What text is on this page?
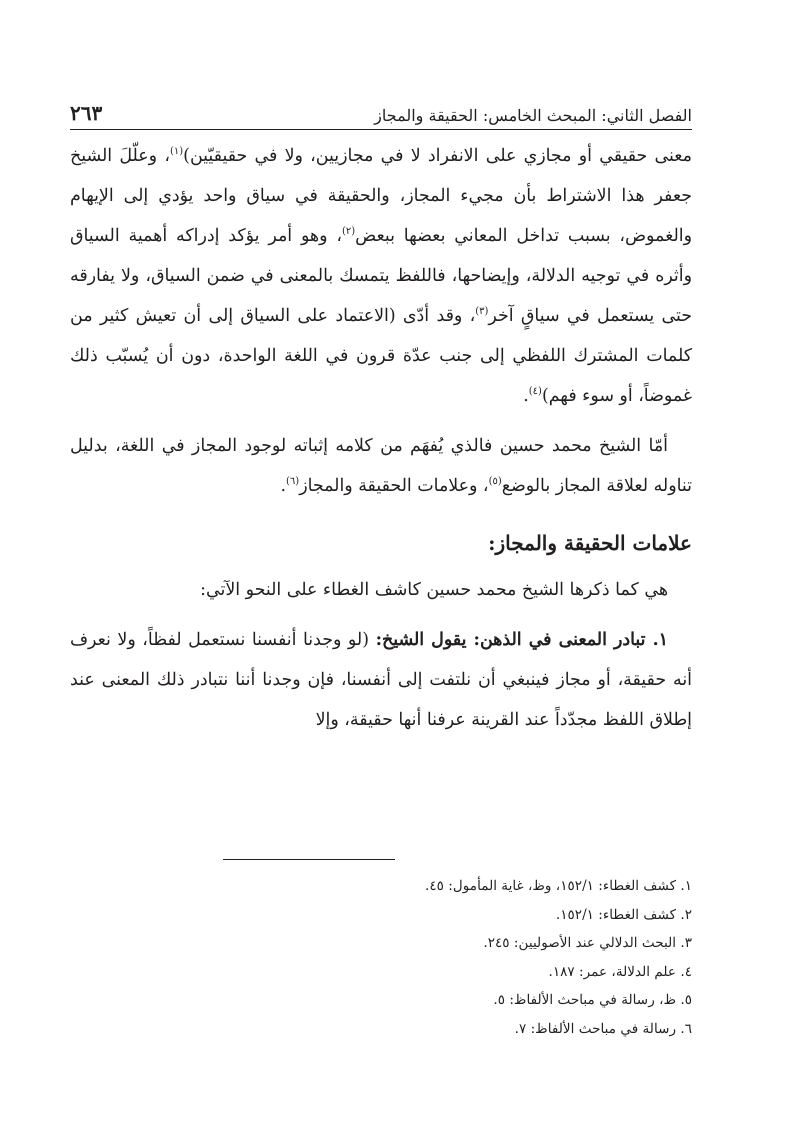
الفصل الثاني: المبحث الخامس: الحقيقة والمجاز
٢٦٣

معنى حقيقي أو مجازي على الانفراد لا في مجازيين، ولا في حقيقيّين)$^{(١)}$، وعلّلَ الشيخ جعفر هذا الاشتراط بأن مجيء المجاز، والحقيقة في سياق واحد يؤدي إلى الإيهام والغموض، بسبب تداخل المعاني بعضها ببعض$^{(٢)}$، وهو أمر يؤكد إدراكه أهمية السياق وأثره في توجيه الدلالة، وإيضاحها، فاللفظ يتمسك بالمعنى في ضمن السياق، ولا يفارقه حتى يستعمل في سياقٍ آخر$^{(٣)}$، وقد أدّى (الاعتماد على السياق إلى أن تعيش كثير من كلمات المشترك اللفظي إلى جنب عدّة قرون في اللغة الواحدة، دون أن يُسبّب ذلك غموضاً، أو سوء فهم)$^{(٤)}$.

أمّا الشيخ محمد حسين فالذي يُفهَم من كلامه إثباته لوجود المجاز في اللغة، بدليل تناوله لعلاقة المجاز بالوضع$^{(٥)}$، وعلامات الحقيقة والمجاز$^{(٦)}$.

علامات الحقيقة والمجاز:

هي كما ذكرها الشيخ محمد حسين كاشف الغطاء على النحو الآتي:

١. تبادر المعنى في الذهن: يقول الشيخ: (لو وجدنا أنفسنا نستعمل لفظاً، ولا نعرف أنه حقيقة، أو مجاز فينبغي أن نلتفت إلى أنفسنا، فإن وجدنا أننا نتبادر ذلك المعنى عند إطلاق اللفظ مجدّداً عند القرينة عرفنا أنها حقيقة، وإلا

١. كشف الغطاء: ١٥٢/١، وظ، غاية المأمول: ٤٥.
٢. كشف الغطاء: ١٥٢/١.
٣. البحث الدلالي عند الأصوليين: ٢٤٥.
٤. علم الدلالة، عمر: ١٨٧.
٥. ظ، رسالة في مباحث الألفاظ: ٥.
٦. رسالة في مباحث الألفاظ: ٧.
